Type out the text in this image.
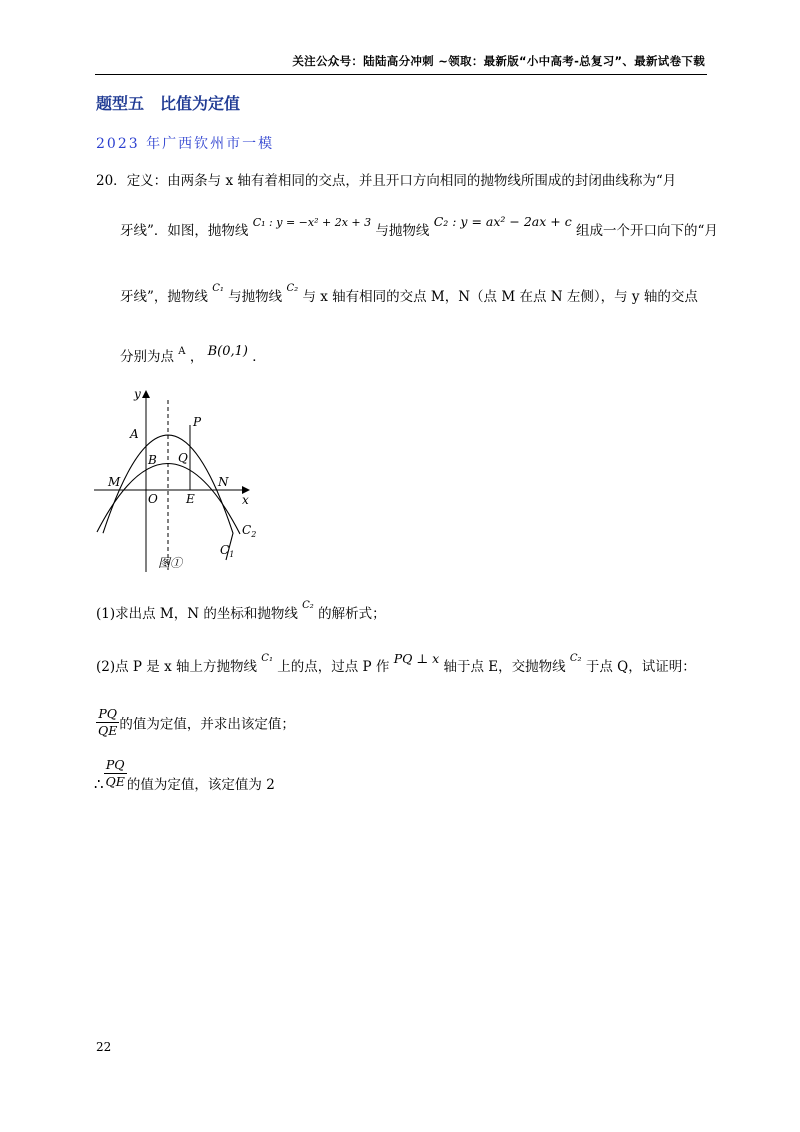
关注公众号：陆陆高分冲刺 ~领取：最新版“小中高考-总复习”、最新试卷下载
题型五 比值为定值
2023 年广西钦州市一模
20．定义：由两条与 x 轴有着相同的交点，并且开口方向相同的抛物线所围成的封闭曲线称为“月
牙线”．如图，抛物线 $^{C_1 : y = -x^2 + 2x + 3}$ 与抛物线 C₂ : y = ax² − 2ax + c 组成一个开口向下的“月
牙线”，抛物线 $^{C_1}$ 与抛物线 $^{C_2}$ 与 x 轴有相同的交点 M，N（点 M 在点 N 左侧），与 y 轴的交点
分别为点 $^A$ ， B(0,1) ．
y
x
A
P
B Q
M
O E
N
$C_2$
$C_1$
图①
(1)求出点 M，N 的坐标和抛物线 $^{C_2}$ 的解析式；
(2)点 P 是 x 轴上方抛物线 $^{C_1}$ 上的点，过点 P 作 PQ ⊥ x 轴于点 E，交抛物线 $^{C_2}$ 于点 Q，试证明：
$\frac{PQ}{QE}$ 的值为定值，并求出该定值；
∴ $\frac{PQ}{QE}$ 的值为定值，该定值为 2
22
